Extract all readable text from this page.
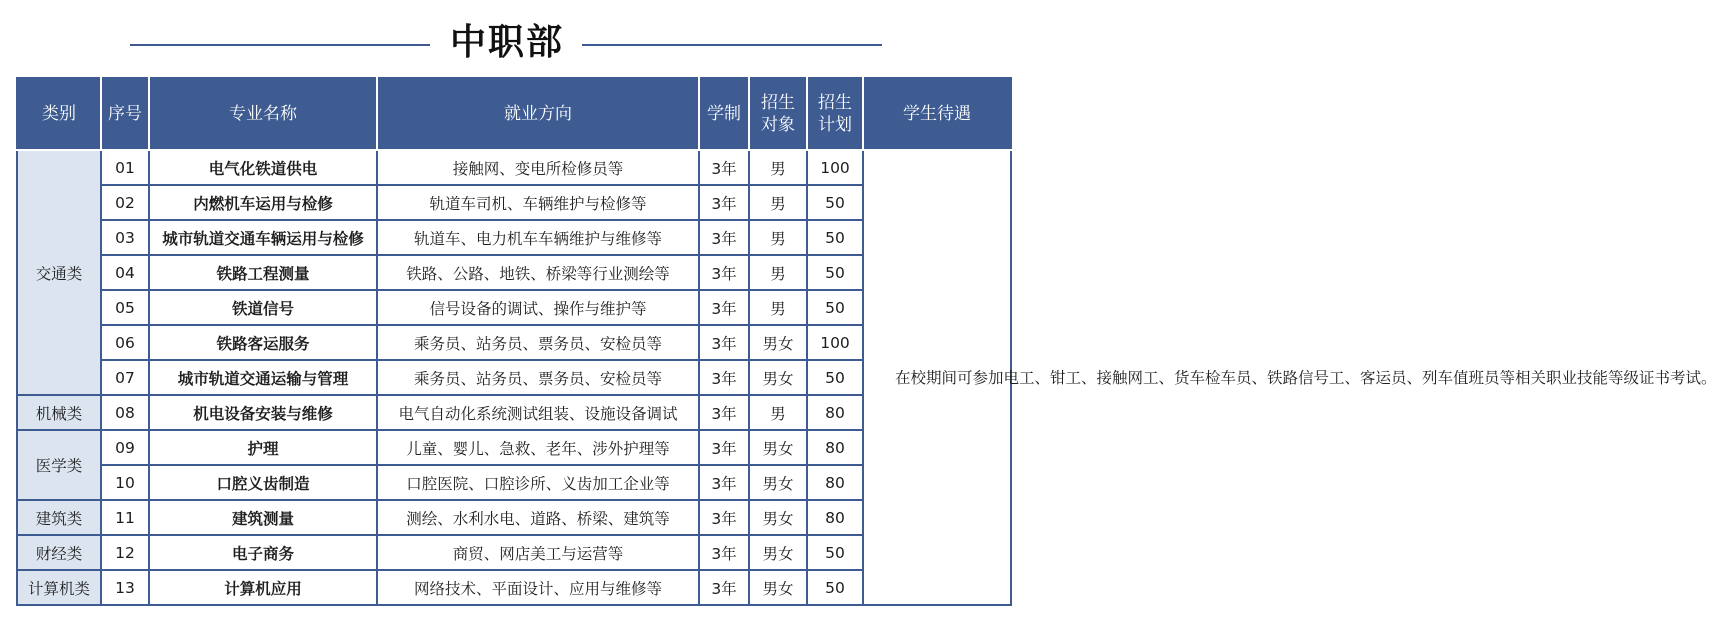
中职部
类别	序号	专业名称	就业方向	学制	招生对象	招生计划	学生待遇
交通类	01	电气化铁道供电	接触网、变电所检修员等	3年	男	100	在校期间可参加电工、钳工、接触网工、货车检车员、铁路信号工、客运员、列车值班员等相关职业技能等级证书考试。

	02	内燃机车运用与检修	轨道车司机、车辆维护与检修等	3年	男	50	
	03	城市轨道交通车辆运用与检修	轨道车、电力机车车辆维护与维修等	3年	男	50	
	04	铁路工程测量	铁路、公路、地铁、桥梁等行业测绘等	3年	男	50	
	05	铁道信号	信号设备的调试、操作与维护等	3年	男	50	
	06	铁路客运服务	乘务员、站务员、票务员、安检员等	3年	男女	100	
	07	城市轨道交通运输与管理	乘务员、站务员、票务员、安检员等	3年	男女	50	
机械类	08	机电设备安装与维修	电气自动化系统测试组装、设施设备调试	3年	男	80	
医学类	09	护理	儿童、婴儿、急救、老年、涉外护理等	3年	男女	80	
	10	口腔义齿制造	口腔医院、口腔诊所、义齿加工企业等	3年	男女	80	
建筑类	11	建筑测量	测绘、水利水电、道路、桥梁、建筑等	3年	男女	80	
财经类	12	电子商务	商贸、网店美工与运营等	3年	男女	50	
计算机类	13	计算机应用	网络技术、平面设计、应用与维修等	3年	男女	50	
